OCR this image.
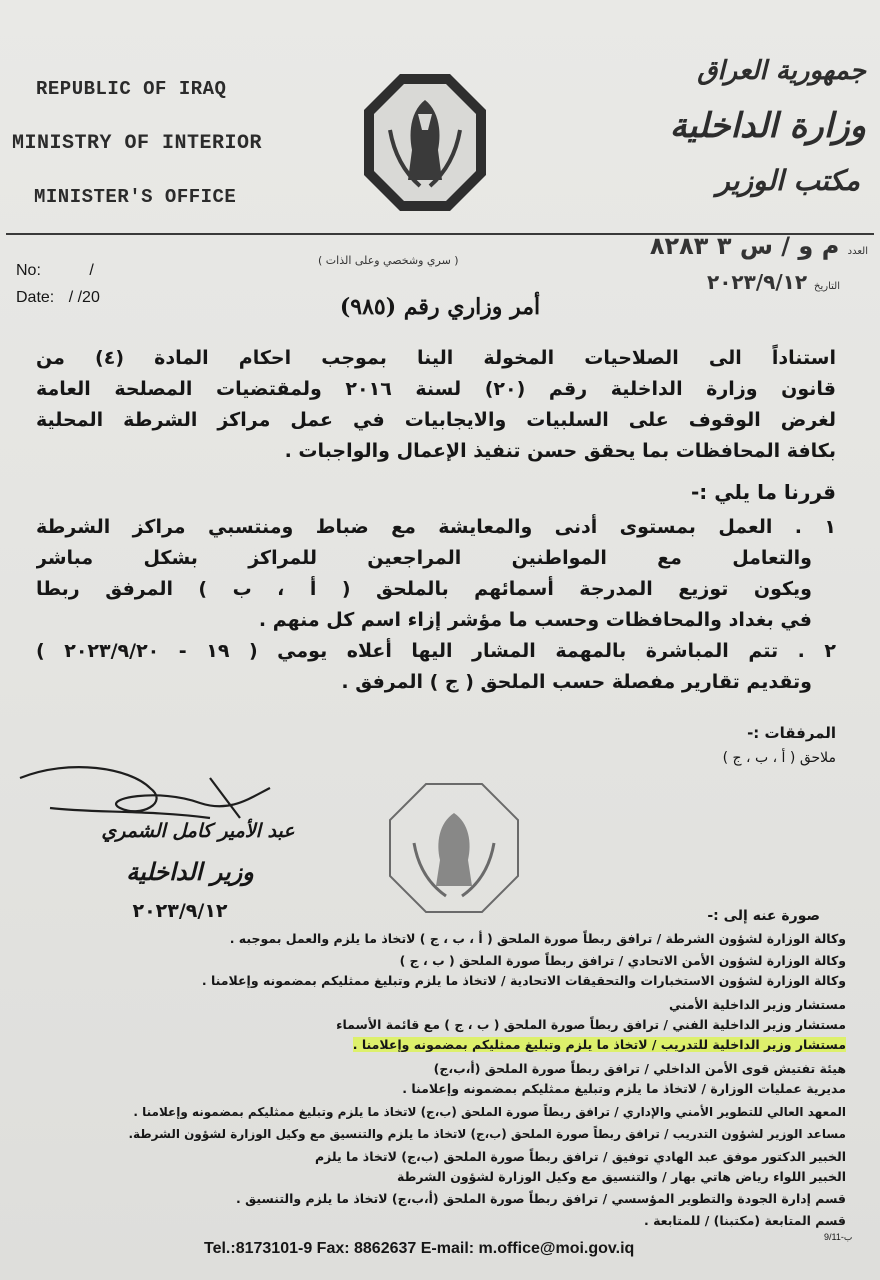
REPUBLIC OF IRAQ
MINISTRY OF INTERIOR
MINISTER'S OFFICE
جمهورية العراق
وزارة الداخلية
مكتب الوزير
No:	/
Date: / /20
( سري وشخصي وعلى الذات )
العدد م و / س ٣ ٨٢٨٣
التاريخ ٢٠٢٣/٩/١٢
أمر وزاري رقم (٩٨٥)
استناداً الى الصلاحيات المخولة الينا بموجب احكام المادة (٤) من
قانون وزارة الداخلية رقم (٢٠) لسنة ٢٠١٦ ولمقتضيات المصلحة العامة
لغرض الوقوف على السلبيات والايجابيات في عمل مراكز الشرطة المحلية
بكافة المحافظات بما يحقق حسن تنفيذ الإعمال والواجبات .
قررنا ما يلي :-
١ . العمل بمستوى أدنى والمعايشة مع ضباط ومنتسبي مراكز الشرطة
والتعامل مع المواطنين المراجعين للمراكز بشكل مباشر
ويكون توزيع المدرجة أسمائهم بالملحق ( أ ، ب ) المرفق ربطا
في بغداد والمحافظات وحسب ما مؤشر إزاء اسم كل منهم .
٢ . تتم المباشرة بالمهمة المشار اليها أعلاه يومي ( ١٩ - ٢٠٢٣/٩/٢٠ )
وتقديم تقارير مفصلة حسب الملحق ( ج ) المرفق .
المرفقات :-
ملاحق ( أ ، ب ، ج )
عبد الأمير كامل الشمري
وزير الداخلية
٢٠٢٣/٩/١٢	صورة عنه إلى :-
وكالة الوزارة لشؤون الشرطة / ترافق ربطاً صورة الملحق ( أ ، ب ، ج ) لاتخاذ ما يلزم والعمل بموجبه .
وكالة الوزارة لشؤون الأمن الاتحادي / ترافق ربطاً صورة الملحق ( ب ، ج )
وكالة الوزارة لشؤون الاستخبارات والتحقيقات الاتحادية / لاتخاذ ما يلزم وتبليغ ممثليكم بمضمونه وإعلامنا .
مستشار وزير الداخلية الأمني
مستشار وزير الداخلية الفني / ترافق ربطاً صورة الملحق ( ب ، ج ) مع قائمة الأسماء
مستشار وزير الداخلية للتدريب / لاتخاذ ما يلزم وتبليغ ممثليكم بمضمونه وإعلامنا .
هيئة تفتيش قوى الأمن الداخلي / ترافق ربطاً صورة الملحق (أ،ب،ج)
مديرية عمليات الوزارة / لاتخاذ ما يلزم وتبليغ ممثليكم بمضمونه وإعلامنا .
المعهد العالي للتطوير الأمني والإداري / ترافق ربطاً صورة الملحق (ب،ج) لاتخاذ ما يلزم وتبليغ ممثليكم بمضمونه وإعلامنا .
مساعد الوزير لشؤون التدريب / ترافق ربطاً صورة الملحق (ب،ج) لاتخاذ ما يلزم والتنسيق مع وكيل الوزارة لشؤون الشرطة.
الخبير الدكتور موفق عبد الهادي توفيق / ترافق ربطاً صورة الملحق (ب،ج) لاتخاذ ما يلزم
الخبير اللواء رياض هاتي بهار / والتنسيق مع وكيل الوزارة لشؤون الشرطة
قسم إدارة الجودة والتطوير المؤسسي / ترافق ربطاً صورة الملحق (أ،ب،ج) لاتخاذ ما يلزم والتنسيق .
قسم المتابعة (مكتبنا) / للمتابعة .
Tel.:8173101-9 Fax: 8862637 E-mail: m.office@moi.gov.iq
9/11-ب
